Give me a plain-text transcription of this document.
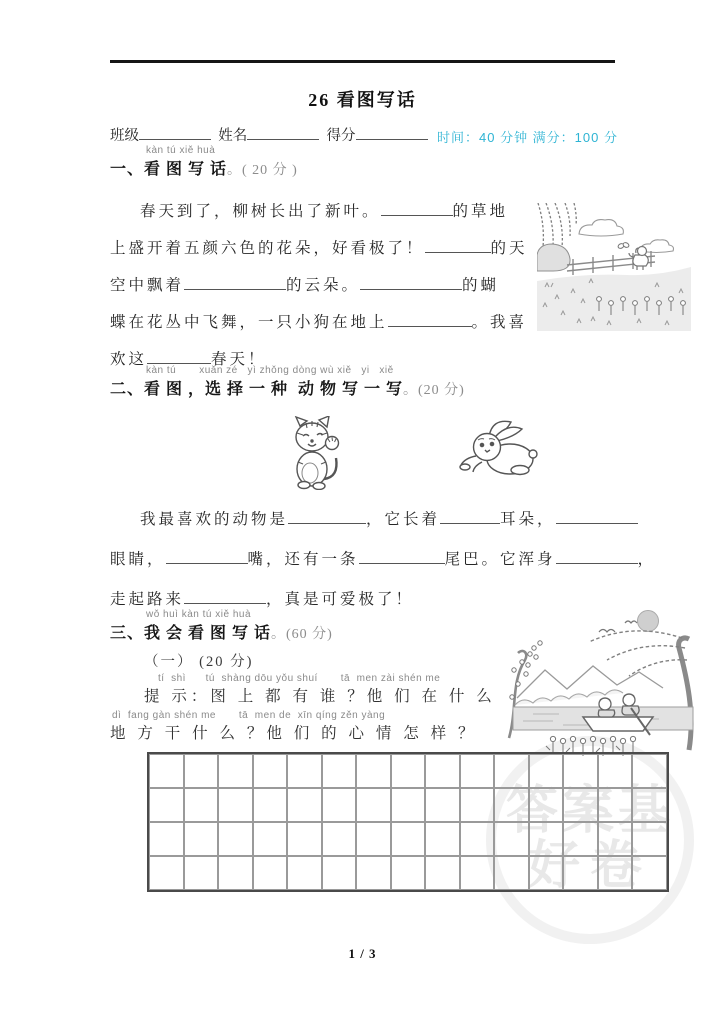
答案基
好卷
26 看图写话
班级	姓名	得分	时间：40 分钟 满分：100 分
kàn tú xiě huà
一、看 图 写 话。( 20 分 )
春天到了，柳树长出了新叶。	的草地
上盛开着五颜六色的花朵，好看极了！	的天
空中飘着	的云朵。	的蝴
蝶在花丛中飞舞，一只小狗在地上	。我喜
欢这	春天！
kàn tú       xuǎn zé   yì zhǒng dòng wù xiě   yi   xiě
二、看 图 ，选 择 一 种  动 物 写 一 写。(20 分)
我最喜欢的动物是	，它长着	耳朵，
眼睛，	嘴，还有一条	尾巴。它浑身	，
走起路来	，真是可爱极了！
wǒ huì kàn tú xiě huà
三、我 会 看 图 写 话。(60 分)
（一） (20 分)
tí  shì      tú  shàng dōu yǒu shuí       tā  men zài shén me
提 示：图 上 都 有 谁 ？他 们 在 什 么
dì  fang gàn shén me       tā  men de  xīn qíng zěn yàng
地 方 干 什 么 ？他 们 的 心 情 怎 样 ？
1 / 3
